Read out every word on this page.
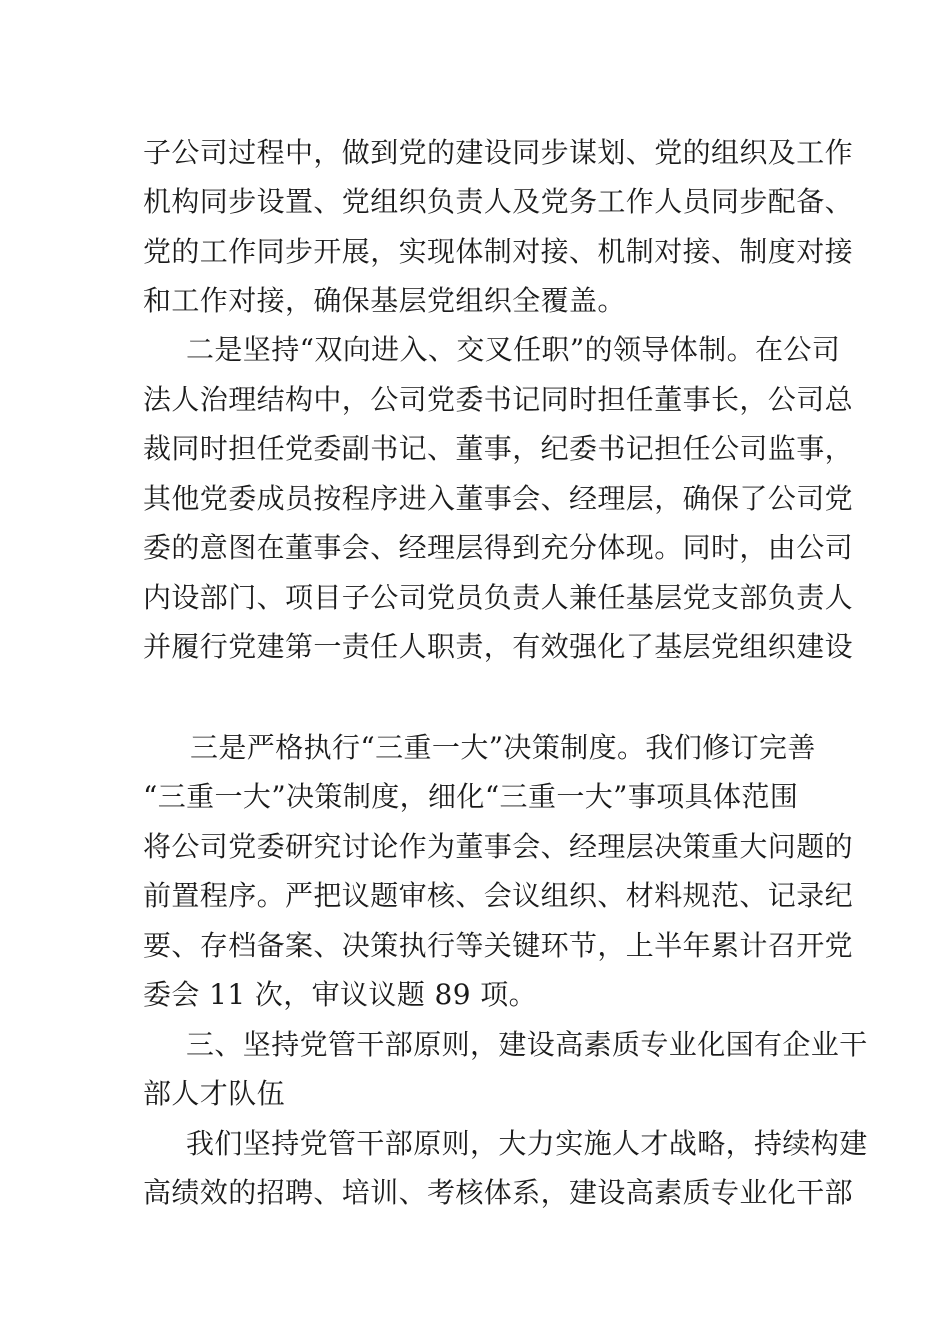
子公司过程中，做到党的建设同步谋划、党的组织及工作
机构同步设置、党组织负责人及党务工作人员同步配备、
党的工作同步开展，实现体制对接、机制对接、制度对接
和工作对接，确保基层党组织全覆盖。
二是坚持“双向进入、交叉任职”的领导体制。在公司
法人治理结构中，公司党委书记同时担任董事长，公司总
裁同时担任党委副书记、董事，纪委书记担任公司监事，
其他党委成员按程序进入董事会、经理层，确保了公司党
委的意图在董事会、经理层得到充分体现。同时，由公司
内设部门、项目子公司党员负责人兼任基层党支部负责人
并履行党建第一责任人职责，有效强化了基层党组织建设
三是严格执行“三重一大”决策制度。我们修订完善
“三重一大”决策制度，细化“三重一大”事项具体范围
将公司党委研究讨论作为董事会、经理层决策重大问题的
前置程序。严把议题审核、会议组织、材料规范、记录纪
要、存档备案、决策执行等关键环节，上半年累计召开党
委会 11 次，审议议题 89 项。
三、坚持党管干部原则，建设高素质专业化国有企业干
部人才队伍
我们坚持党管干部原则，大力实施人才战略，持续构建
高绩效的招聘、培训、考核体系，建设高素质专业化干部
